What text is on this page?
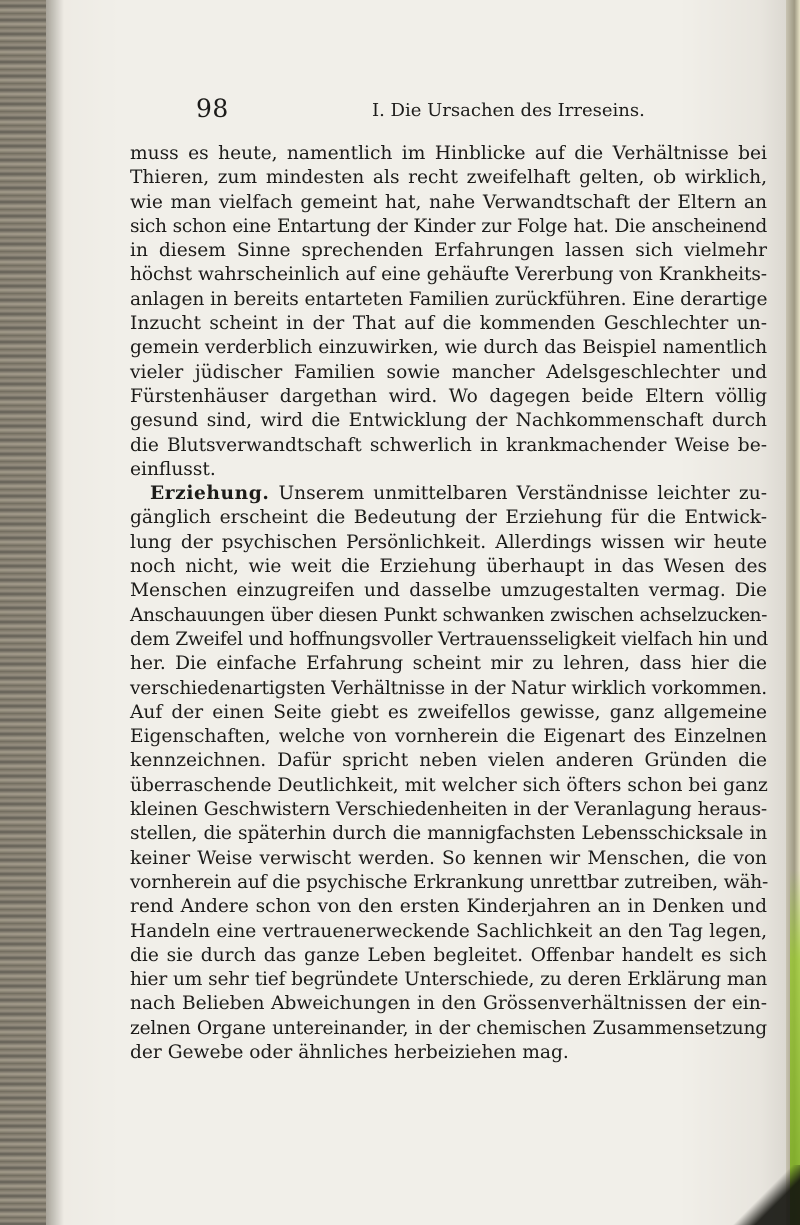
98	I. Die Ursachen des Irreseins.
muss es heute, namentlich im Hinblicke auf die Verhältnisse bei
Thieren, zum mindesten als recht zweifelhaft gelten, ob wirklich,
wie man vielfach gemeint hat, nahe Verwandtschaft der Eltern an
sich schon eine Entartung der Kinder zur Folge hat. Die anscheinend
in diesem Sinne sprechenden Erfahrungen lassen sich vielmehr
höchst wahrscheinlich auf eine gehäufte Vererbung von Krankheits-
anlagen in bereits entarteten Familien zurückführen. Eine derartige
Inzucht scheint in der That auf die kommenden Geschlechter un-
gemein verderblich einzuwirken, wie durch das Beispiel namentlich
vieler jüdischer Familien sowie mancher Adelsgeschlechter und
Fürstenhäuser dargethan wird. Wo dagegen beide Eltern völlig
gesund sind, wird die Entwicklung der Nachkommenschaft durch
die Blutsverwandtschaft schwerlich in krankmachender Weise be-
einflusst.
Erziehung. Unserem unmittelbaren Verständnisse leichter zu-
gänglich erscheint die Bedeutung der Erziehung für die Entwick-
lung der psychischen Persönlichkeit. Allerdings wissen wir heute
noch nicht, wie weit die Erziehung überhaupt in das Wesen des
Menschen einzugreifen und dasselbe umzugestalten vermag. Die
Anschauungen über diesen Punkt schwanken zwischen achselzucken-
dem Zweifel und hoffnungsvoller Vertrauensseligkeit vielfach hin und
her. Die einfache Erfahrung scheint mir zu lehren, dass hier die
verschiedenartigsten Verhältnisse in der Natur wirklich vorkommen.
Auf der einen Seite giebt es zweifellos gewisse, ganz allgemeine
Eigenschaften, welche von vornherein die Eigenart des Einzelnen
kennzeichnen. Dafür spricht neben vielen anderen Gründen die
überraschende Deutlichkeit, mit welcher sich öfters schon bei ganz
kleinen Geschwistern Verschiedenheiten in der Veranlagung heraus-
stellen, die späterhin durch die mannigfachsten Lebensschicksale in
keiner Weise verwischt werden. So kennen wir Menschen, die von
vornherein auf die psychische Erkrankung unrettbar zutreiben, wäh-
rend Andere schon von den ersten Kinderjahren an in Denken und
Handeln eine vertrauenerweckende Sachlichkeit an den Tag legen,
die sie durch das ganze Leben begleitet. Offenbar handelt es sich
hier um sehr tief begründete Unterschiede, zu deren Erklärung man
nach Belieben Abweichungen in den Grössenverhältnissen der ein-
zelnen Organe untereinander, in der chemischen Zusammensetzung
der Gewebe oder ähnliches herbeiziehen mag.
